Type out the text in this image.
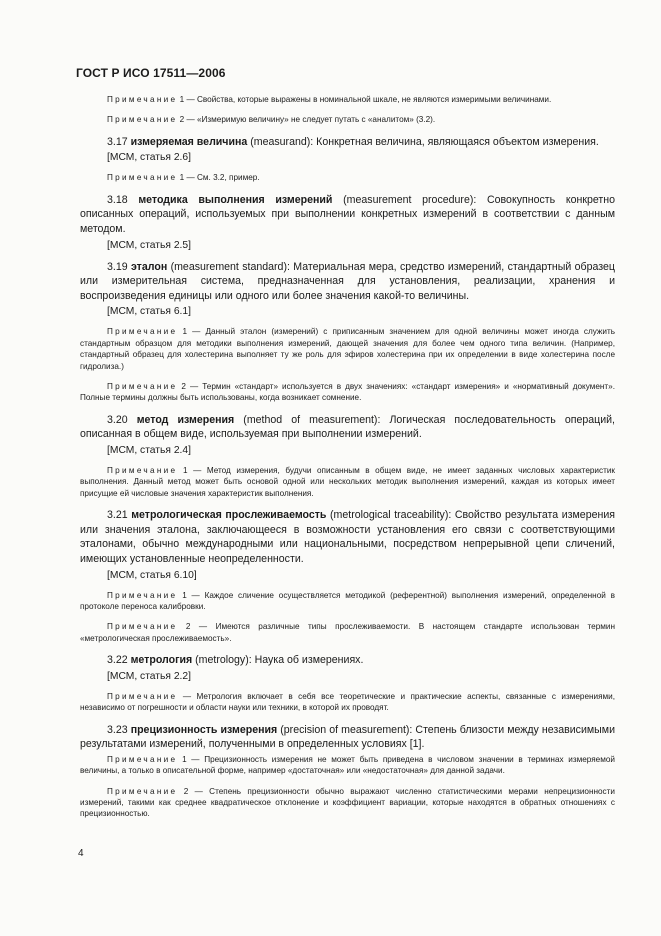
ГОСТ Р ИСО 17511—2006

Примечание 1 — Свойства, которые выражены в номинальной шкале, не являются измеримыми величинами.

Примечание 2 — «Измеримую величину» не следует путать с «аналитом» (3.2).

3.17 измеряемая величина (measurand): Конкретная величина, являющаяся объектом измерения.

[МСМ, статья 2.6]

Примечание 1 — См. 3.2, пример.

3.18 методика выполнения измерений (measurement procedure): Совокупность конкретно описанных операций, используемых при выполнении конкретных измерений в соответствии с данным методом.

[МСМ, статья 2.5]

3.19 эталон (measurement standard): Материальная мера, средство измерений, стандартный образец или измерительная система, предназначенная для установления, реализации, хранения и воспроизведения единицы или одного или более значения какой-то величины.

[МСМ, статья 6.1]

Примечание 1 — Данный эталон (измерений) с приписанным значением для одной величины может иногда служить стандартным образцом для методики выполнения измерений, дающей значения для более чем одного типа величин. (Например, стандартный образец для холестерина выполняет ту же роль для эфиров холестерина при их определении в виде холестерина после гидролиза.)

Примечание 2 — Термин «стандарт» используется в двух значениях: «стандарт измерения» и «нормативный документ». Полные термины должны быть использованы, когда возникает сомнение.

3.20 метод измерения (method of measurement): Логическая последовательность операций, описанная в общем виде, используемая при выполнении измерений.

[МСМ, статья 2.4]

Примечание 1 — Метод измерения, будучи описанным в общем виде, не имеет заданных числовых характеристик выполнения. Данный метод может быть основой одной или нескольких методик выполнения измерений, каждая из которых имеет присущие ей числовые значения характеристик выполнения.

3.21 метрологическая прослеживаемость (metrological traceability): Свойство результата измерения или значения эталона, заключающееся в возможности установления его связи с соответствующими эталонами, обычно международными или национальными, посредством непрерывной цепи сличений, имеющих установленные неопределенности.

[МСМ, статья 6.10]

Примечание 1 — Каждое сличение осуществляется методикой (референтной) выполнения измерений, определенной в протоколе переноса калибровки.

Примечание 2 — Имеются различные типы прослеживаемости. В настоящем стандарте использован термин «метрологическая прослеживаемость».

3.22 метрология (metrology): Наука об измерениях.

[МСМ, статья 2.2]

Примечание — Метрология включает в себя все теоретические и практические аспекты, связанные с измерениями, независимо от погрешности и области науки или техники, в которой их проводят.

3.23 прецизионность измерения (precision of measurement): Степень близости между независимыми результатами измерений, полученными в определенных условиях [1].

Примечание 1 — Прецизионность измерения не может быть приведена в числовом значении в терминах измеряемой величины, а только в описательной форме, например «достаточная» или «недостаточная» для данной задачи.

Примечание 2 — Степень прецизионности обычно выражают численно статистическими мерами непрецизионности измерений, такими как среднее квадратическое отклонение и коэффициент вариации, которые находятся в обратных отношениях с прецизионностью.

4
